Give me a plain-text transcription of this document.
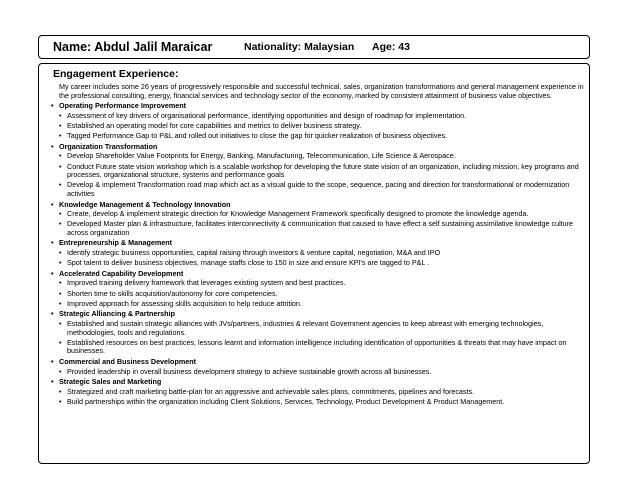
Name: Abdul Jalil Maraicar	Nationality: Malaysian Age: 43
Engagement Experience:
My career includes some 26 years of progressively responsible and successful technical, sales, organization transformations and general management experience in the professional consulting, energy, financial services and technology sector of the economy, marked by consistent attainment of business value objectives.
• Operating Performance Improvement
• Assessment of key drivers of organisational performance, identifying opportunities and design of roadmap for implementation.
• Established an operating model for core capabilities and metrics to deliver business strategy.
• Tagged Performance Gap to P&L and rolled out initiatives to close the gap for quicker realization of business objectives.
• Organization Transformation
• Develop Shareholder Value Footprints for Energy, Banking, Manufacturing, Telecommunication, Life Science & Aerospace.
• Conduct Future state vision workshop which is a scalable workshop for developing the future state vision of an organization, including mission, key programs and processes, organizational structure, systems and performance goals
• Develop & implement Transformation road map which act as a visual guide to the scope, sequence, pacing and direction for transformational or modernization activities
• Knowledge Management & Technology Innovation
• Create, develop & implement strategic direction for Knowledge Management Framework specifically designed to promote the knowledge agenda.
• Developed Master plan & infrastructure, facilitates interconnectivity & communication that caused to have effect a self sustaining assimilative knowledge culture across organization
• Entrepreneurship & Management
• Identify strategic business opportunities, capital raising through investors & venture capital, negotiation, M&A and IPO
• Spot talent to deliver business objectives, manage staffs close to 150 in size and ensure KPI's are tagged to P&L .
• Accelerated Capability Development
• Improved training delivery framework that leverages existing system and best practices.
• Shorten time to skills acquisition/autonomy for core competencies.
• Improved approach for assessing skills acquisition to help reduce attrition.
• Strategic Alliancing & Partnership
• Established and sustain strategic alliances with JVs/partners, industries & relevant Government agencies to keep abreast with emerging technologies, methodologies, tools and regulations.
• Established resources on best practices, lessons learnt and information intelligence including identification of opportunities & threats that may have impact on businesses.
• Commercial and Business Development
• Provided leadership in overall business development strategy to achieve sustainable growth across all businesses.
• Strategic Sales and Marketing
• Strategized and craft marketing battle-plan for an aggressive and achievable sales plans, commitments, pipelines and forecasts.
• Build partnerships within the organization including Client Solutions, Services, Technology, Product Development & Product Management.
